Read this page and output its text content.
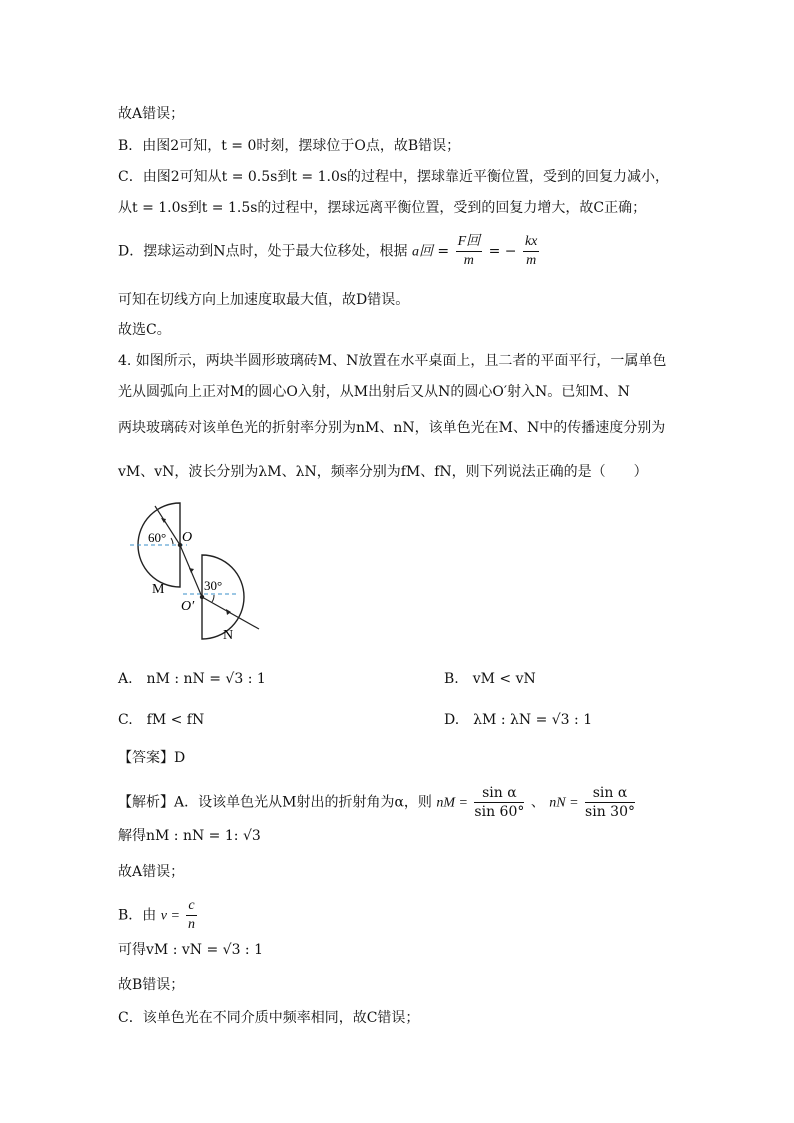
故A错误；
B．由图2可知，t = 0时刻，摆球位于O点，故B错误；
C．由图2可知从t = 0.5s到t = 1.0s的过程中，摆球靠近平衡位置，受到的回复力减小，
从t = 1.0s到t = 1.5s的过程中，摆球远离平衡位置，受到的回复力增大，故C正确；
D．摆球运动到N点时，处于最大位移处，根据 a回 = $\frac{\text{F回}}{m}$ = − $\frac{kx}{m}$
可知在切线方向上加速度取最大值，故D错误。
故选C。
4. 如图所示，两块半圆形玻璃砖M、N放置在水平桌面上，且二者的平面平行，一属单色
光从圆弧向上正对M的圆心O入射，从M出射后又从N的圆心O′射入N。已知M、N
两块玻璃砖对该单色光的折射率分别为nM、nN，该单色光在M、N中的传播速度分别为
vM、vN，波长分别为λM、λN，频率分别为fM、fN，则下列说法正确的是（　　）
60° O
30°
O′
M
N
A.　nM : nN = √3 : 1	B.　vM < vN
C.　fM < fN	D.　λM : λN = √3 : 1
【答案】D
【解析】A．设该单色光从M射出的折射角为α，则 nM = $\frac{\text{sin α}}{\sin 60^\circ}$ 、 nN = $\frac{\text{sin α}}{\sin 30^\circ}$
解得nM : nN = 1: √3
故A错误；
B．由 $v = \frac{c}{n}$
可得vM : vN = √3 : 1
故B错误；
C．该单色光在不同介质中频率相同，故C错误；
